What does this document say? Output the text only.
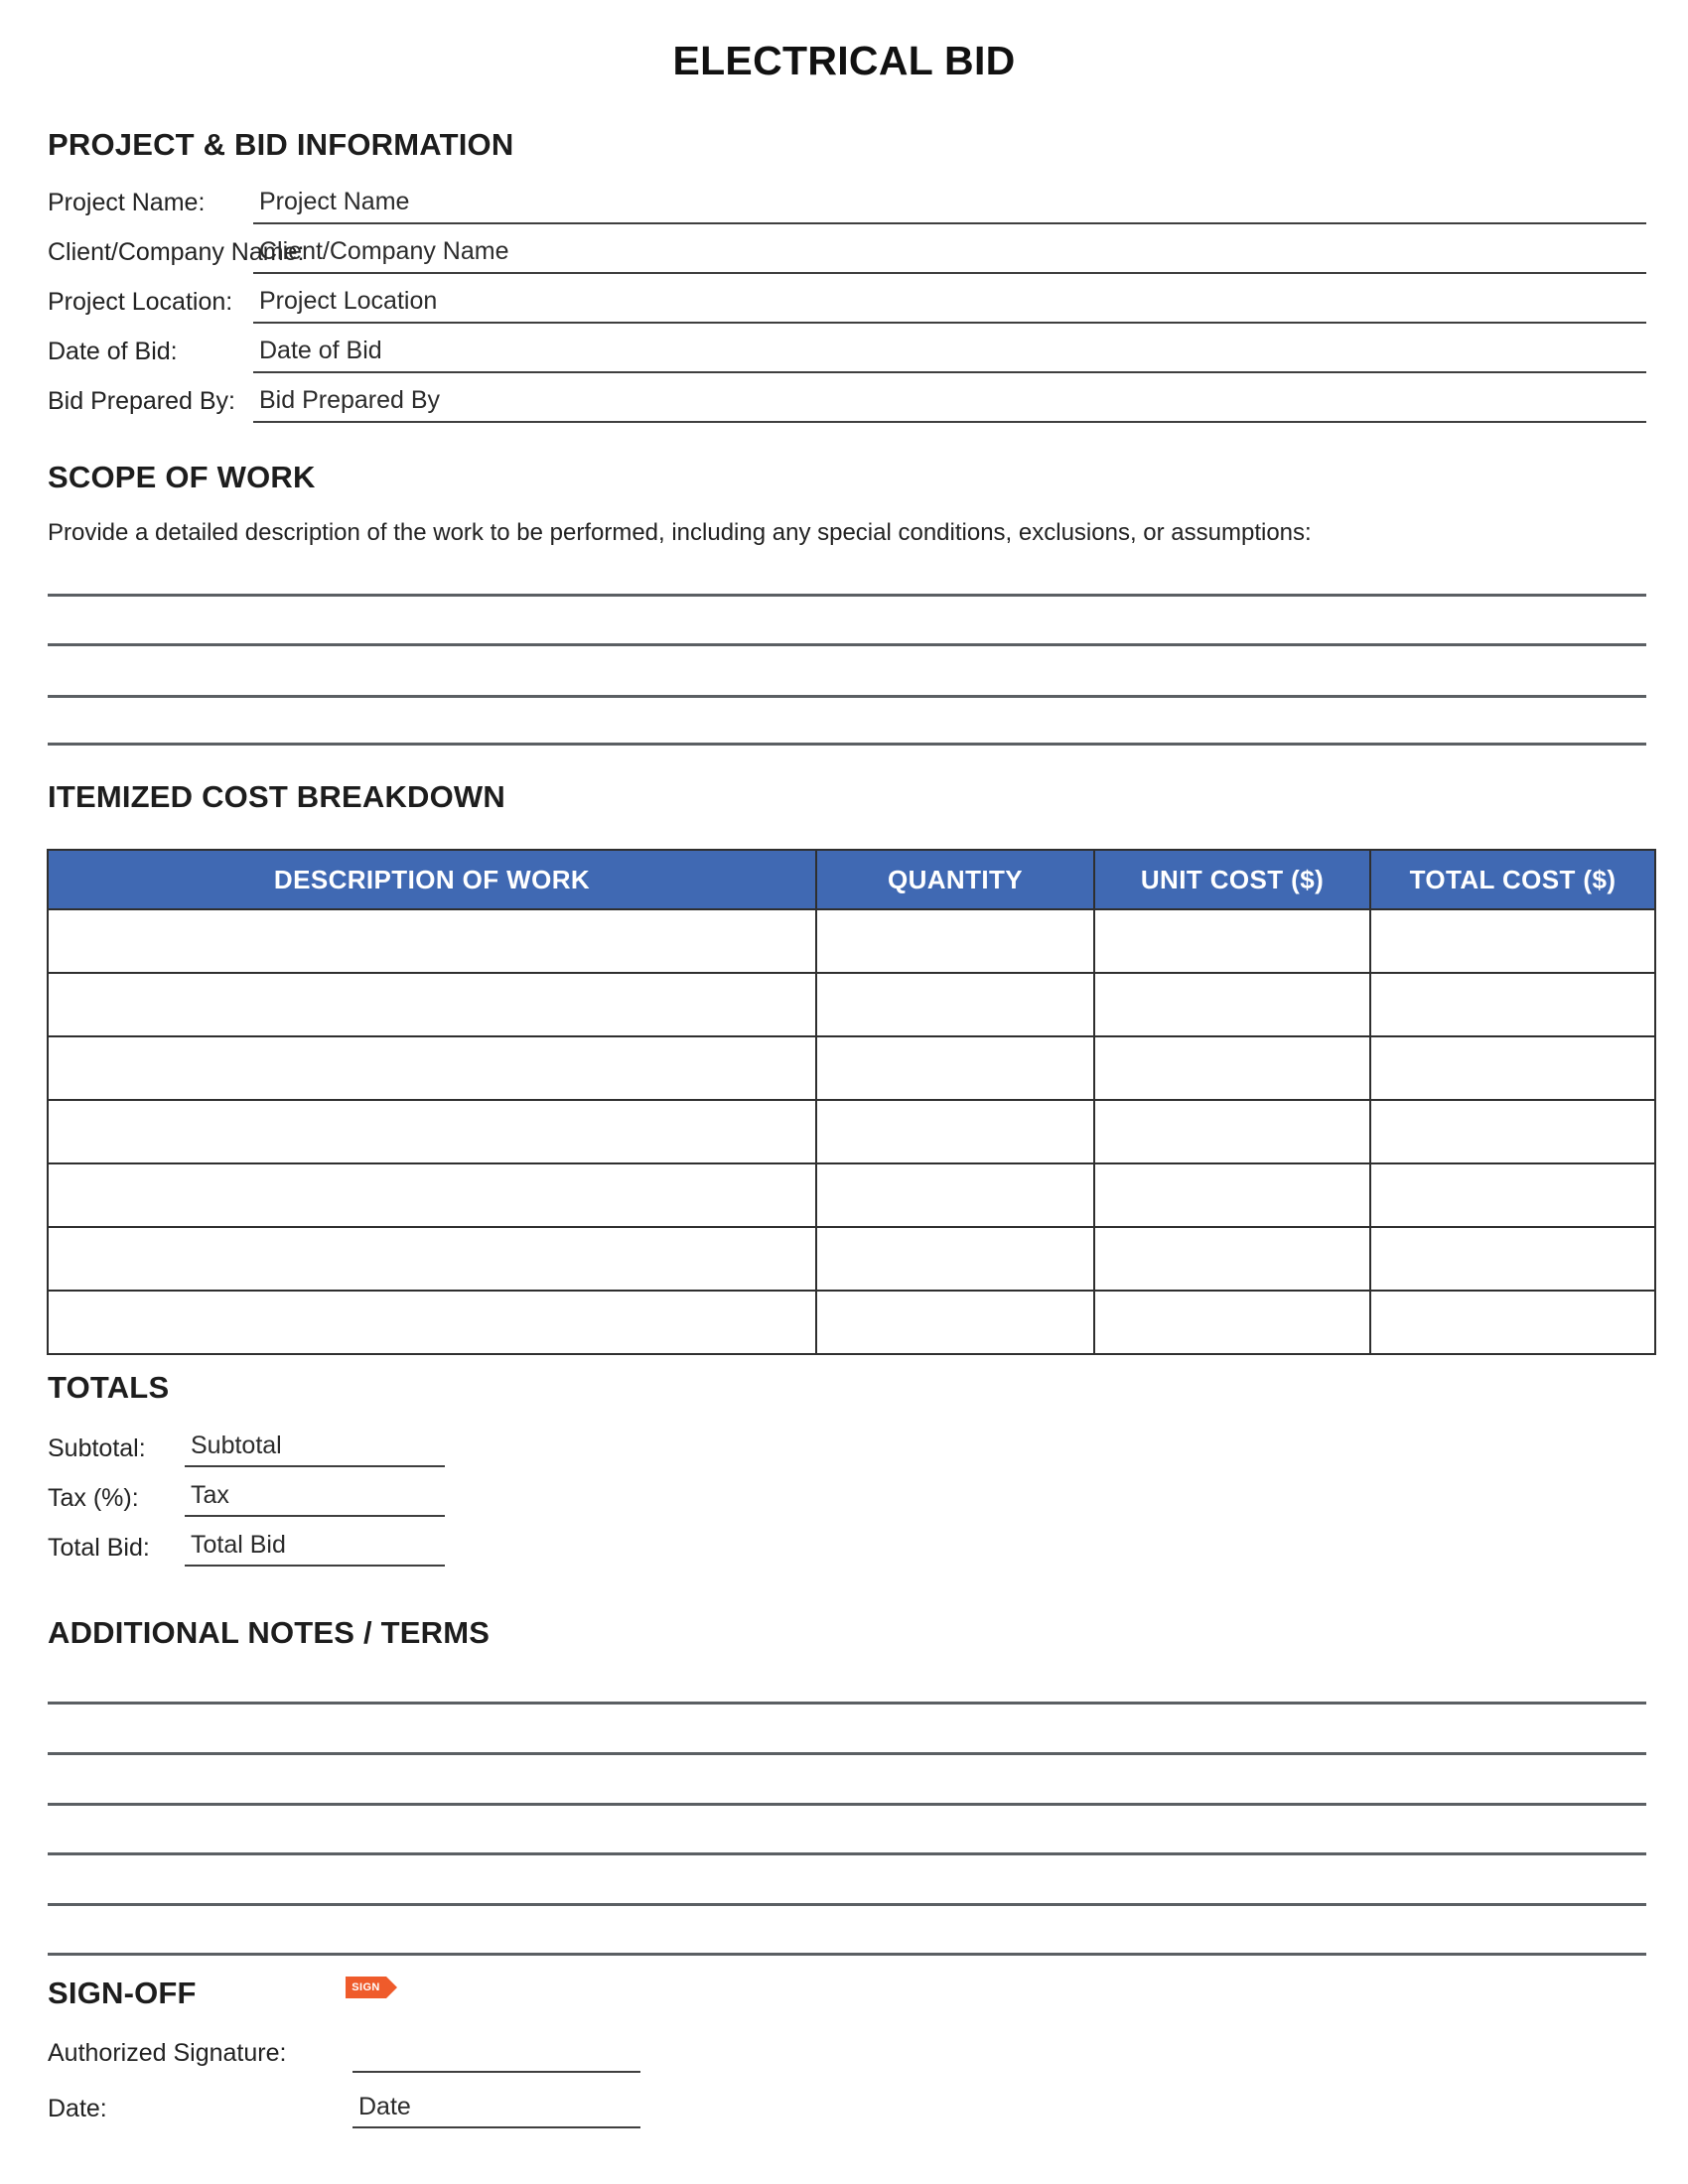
ELECTRICAL BID
PROJECT & BID INFORMATION
Project Name: Project Name
Client/Company Name:
Client/Company Name
Project Location: Project Location
Date of Bid:	Date of Bid
Bid Prepared By: Bid Prepared By
SCOPE OF WORK
Provide a detailed description of the work to be performed, including any special conditions, exclusions, or assumptions:
ITEMIZED COST BREAKDOWN
DESCRIPTION OF WORK	QUANTITY	UNIT COST ($)	TOTAL COST ($)

TOTALS
Subtotal: Subtotal
Tax (%): Tax
Total Bid: Total Bid
ADDITIONAL NOTES / TERMS
SIGN-OFF	SIGN
Authorized Signature:
Date:	Date
